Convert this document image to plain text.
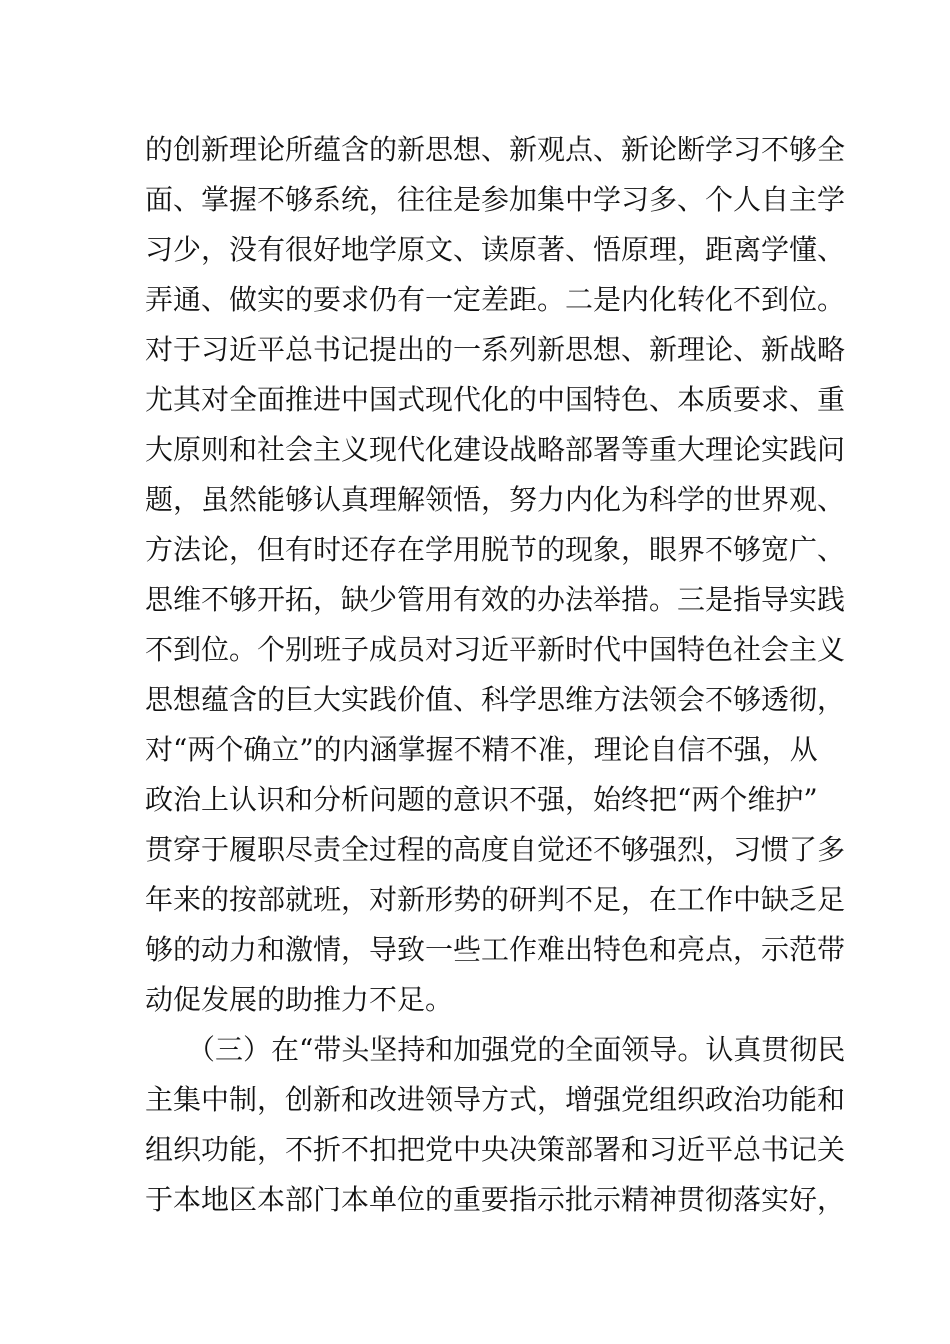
的创新理论所蕴含的新思想、新观点、新论断学习不够全
面、掌握不够系统，往往是参加集中学习多、个人自主学
习少，没有很好地学原文、读原著、悟原理，距离学懂、
弄通、做实的要求仍有一定差距。二是内化转化不到位。
对于习近平总书记提出的一系列新思想、新理论、新战略
尤其对全面推进中国式现代化的中国特色、本质要求、重
大原则和社会主义现代化建设战略部署等重大理论实践问
题，虽然能够认真理解领悟，努力内化为科学的世界观、
方法论，但有时还存在学用脱节的现象，眼界不够宽广、
思维不够开拓，缺少管用有效的办法举措。三是指导实践
不到位。个别班子成员对习近平新时代中国特色社会主义
思想蕴含的巨大实践价值、科学思维方法领会不够透彻，
对“两个确立”的内涵掌握不精不准，理论自信不强，从
政治上认识和分析问题的意识不强，始终把“两个维护”
贯穿于履职尽责全过程的高度自觉还不够强烈，习惯了多
年来的按部就班，对新形势的研判不足，在工作中缺乏足
够的动力和激情，导致一些工作难出特色和亮点，示范带
动促发展的助推力不足。
（三）在“带头坚持和加强党的全面领导。认真贯彻民
主集中制，创新和改进领导方式，增强党组织政治功能和
组织功能，不折不扣把党中央决策部署和习近平总书记关
于本地区本部门本单位的重要指示批示精神贯彻落实好，
